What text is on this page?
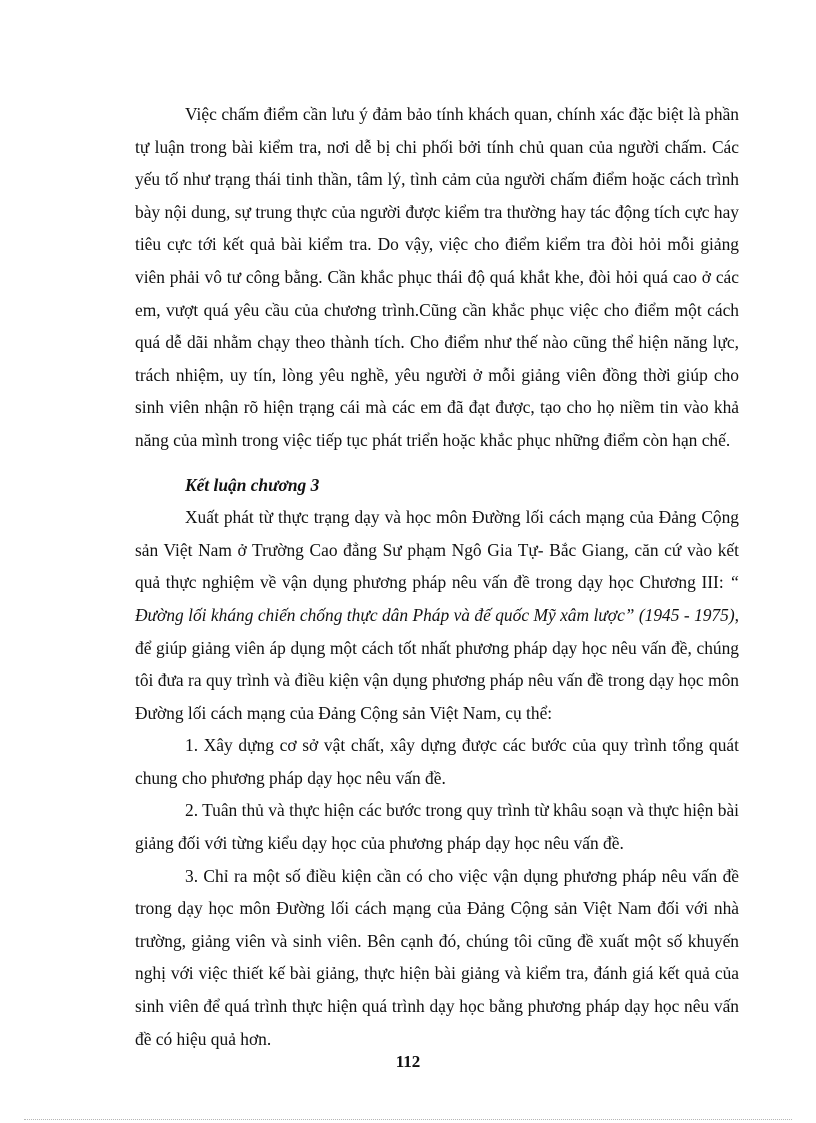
Việc chấm điểm cần lưu ý đảm bảo tính khách quan, chính xác đặc biệt là phần tự luận trong bài kiểm tra, nơi dễ bị chi phối bởi tính chủ quan của người chấm. Các yếu tố như trạng thái tinh thần, tâm lý, tình cảm của người chấm điểm hoặc cách trình bày nội dung, sự trung thực của người được kiểm tra thường hay tác động tích cực hay tiêu cực tới kết quả bài kiểm tra. Do vậy, việc cho điểm kiểm tra đòi hỏi mỗi giảng viên phải vô tư công bằng. Cần khắc phục thái độ quá khắt khe, đòi hỏi quá cao ở các em, vượt quá yêu cầu của chương trình.Cũng cần khắc phục việc cho điểm một cách quá dễ dãi nhằm chạy theo thành tích. Cho điểm như thế nào cũng thể hiện năng lực, trách nhiệm, uy tín, lòng yêu nghề, yêu người ở mỗi giảng viên đồng thời giúp cho sinh viên nhận rõ hiện trạng cái mà các em đã đạt được, tạo cho họ niềm tin vào khả năng của mình trong việc tiếp tục phát triển hoặc khắc phục những điểm còn hạn chế.

Kết luận chương 3

Xuất phát từ thực trạng dạy và học môn Đường lối cách mạng của Đảng Cộng sản Việt Nam ở Trường Cao đẳng Sư phạm Ngô Gia Tự- Bắc Giang, căn cứ vào kết quả thực nghiệm về vận dụng phương pháp nêu vấn đề trong dạy học Chương III: “ Đường lối kháng chiến chống thực dân Pháp và đế quốc Mỹ xâm lược” (1945 - 1975), để giúp giảng viên áp dụng một cách tốt nhất phương pháp dạy học nêu vấn đề, chúng tôi đưa ra quy trình và điều kiện vận dụng phương pháp nêu vấn đề trong dạy học môn Đường lối cách mạng của Đảng Cộng sản Việt Nam, cụ thể:

1. Xây dựng cơ sở vật chất, xây dựng được các bước của quy trình tổng quát chung cho phương pháp dạy học nêu vấn đề.

2. Tuân thủ và thực hiện các bước trong quy trình từ khâu soạn và thực hiện bài giảng đối với từng kiểu dạy học của phương pháp dạy học nêu vấn đề.

3. Chỉ ra một số điều kiện cần có cho việc vận dụng phương pháp nêu vấn đề trong dạy học môn Đường lối cách mạng của Đảng Cộng sản Việt Nam đối với nhà trường, giảng viên và sinh viên. Bên cạnh đó, chúng tôi cũng đề xuất một số khuyến nghị với việc thiết kế bài giảng, thực hiện bài giảng và kiểm tra, đánh giá kết quả của sinh viên để quá trình thực hiện quá trình dạy học bằng phương pháp dạy học nêu vấn đề có hiệu quả hơn.

112
